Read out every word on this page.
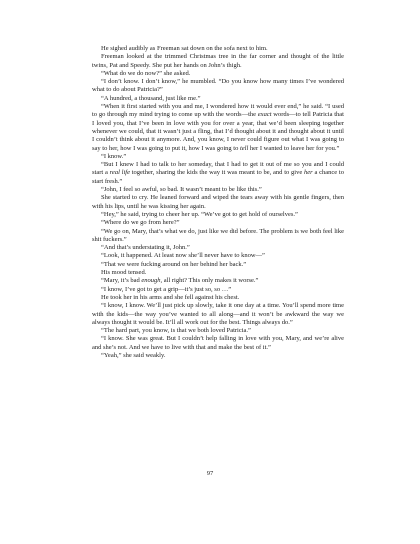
He sighed audibly as Freeman sat down on the sofa next to him.

Freeman looked at the trimmed Christmas tree in the far corner and thought of the little twins, Pat and Speedy. She put her hands on John’s thigh.

“What do we do now?” she asked.

“I don’t know. I don’t know,” he mumbled. “Do you know how many times I’ve wondered what to do about Patricia?”

“A hundred, a thousand, just like me.”

“When it first started with you and me, I wondered how it would ever end,” he said. “I used to go through my mind trying to come up with the words—the exact words—to tell Patricia that I loved you, that I’ve been in love with you for over a year, that we’d been sleeping together whenever we could, that it wasn’t just a fling, that I’d thought about it and thought about it until I couldn’t think about it anymore. And, you know, I never could figure out what I was going to say to her, how I was going to put it, how I was going to tell her I wanted to leave her for you.”

“I know.”

“But I knew I had to talk to her someday, that I had to get it out of me so you and I could start a real life together, sharing the kids the way it was meant to be, and to give her a chance to start fresh.”

“John, I feel so awful, so bad. It wasn’t meant to be like this.”

She started to cry. He leaned forward and wiped the tears away with his gentle fingers, then with his lips, until he was kissing her again.

“Hey,” he said, trying to cheer her up. “We’ve got to get hold of ourselves.”

“Where do we go from here?”

“We go on, Mary, that’s what we do, just like we did before. The problem is we both feel like shit fuckers.”

“And that’s understating it, John.”

“Look, it happened. At least now she’ll never have to know—”

“That we were fucking around on her behind her back.”

His mood tensed.

“Mary, it’s bad enough, all right? This only makes it worse.”

“I know, I’ve got to get a grip—it’s just so, so …”

He took her in his arms and she fell against his chest.

“I know, I know. We’ll just pick up slowly, take it one day at a time. You’ll spend more time with the kids—the way you’ve wanted to all along—and it won’t be awkward the way we always thought it would be. It’ll all work out for the best. Things always do.”

“The hard part, you know, is that we both loved Patricia.”

“I know. She was great. But I couldn’t help falling in love with you, Mary, and we’re alive and she’s not. And we have to live with that and make the best of it.”

“Yeah,” she said weakly.

97
